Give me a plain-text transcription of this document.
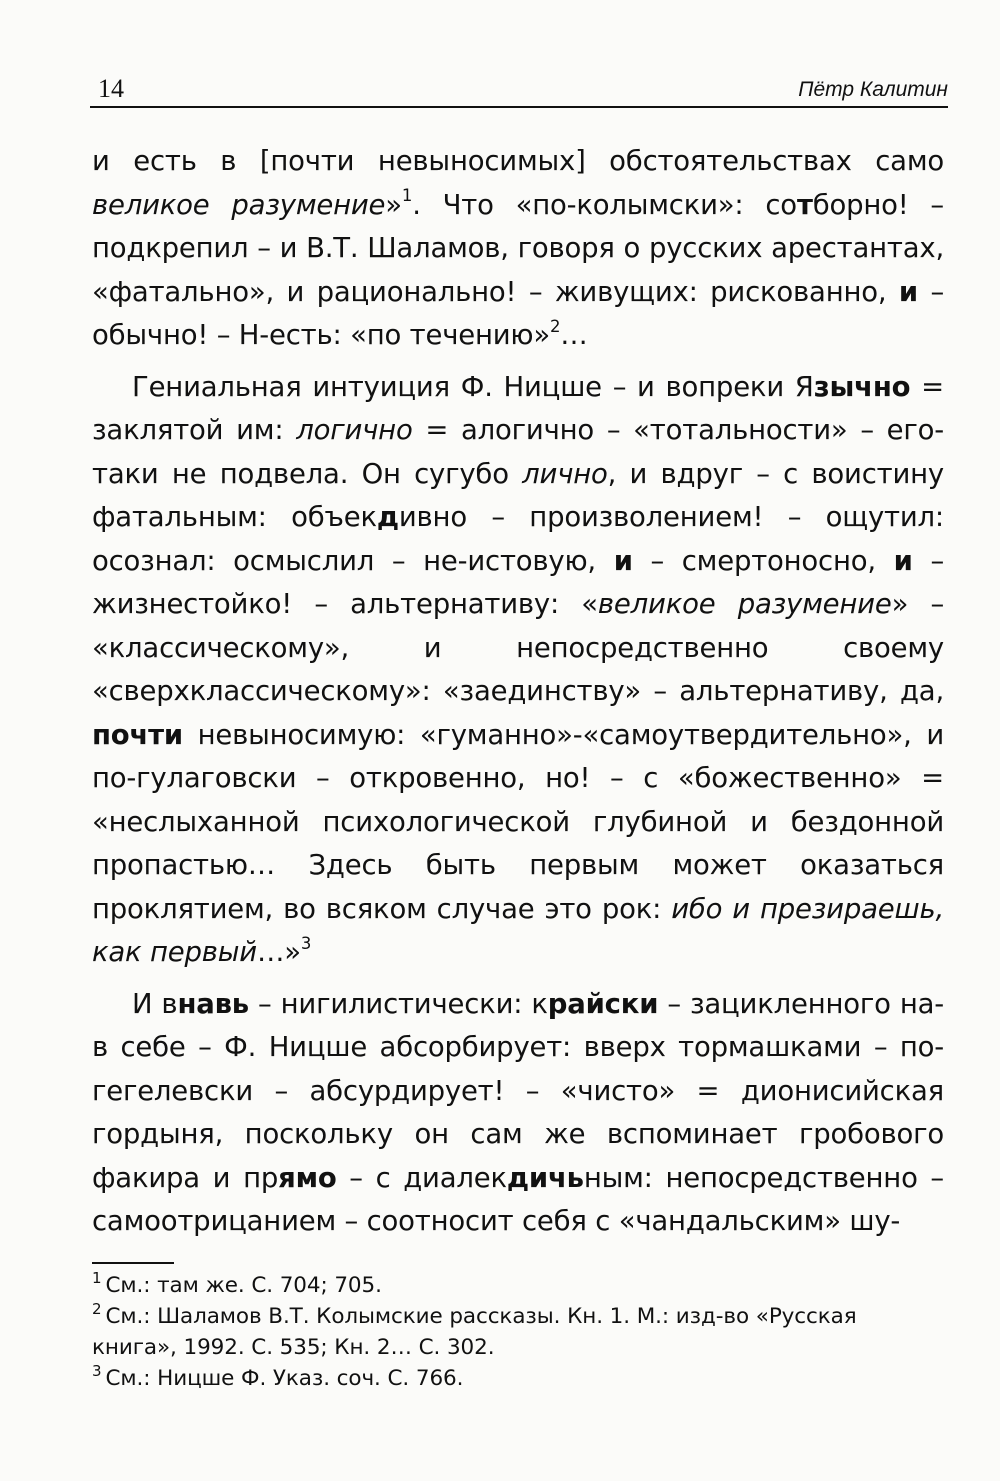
14	Пётр Калитин

и есть в [почти невыносимых] обстоятельствах само великое разумение»$^1$. Что «по-колымски»: сотборно! – подкрепил – и В.Т. Шаламов, говоря о русских арестантах, «фатально», и рационально! – живущих: рискованно, и – обычно! – Н-есть: «по течению»$^2$…

Гениальная интуиция Ф. Ницше – и вопреки Язычно = заклятой им: логично = алогично – «тотальности» – его-таки не подвела. Он сугубо лично, и вдруг – с воистину фатальным: объекдивно – произволением! – ощутил: осознал: осмыслил – не-истовую, и – смертоносно, и – жизнестойко! – альтернативу: «великое разумение» – «классическому», и непосредственно своему «сверхклассическому»: «заединству» – альтернативу, да, почти невыносимую: «гуманно»-«самоутвердительно», и по-гулаговски – откровенно, но! – с «божественно» = «неслыханной психологической глубиной и бездонной пропастью… Здесь быть первым может оказаться проклятием, во всяком случае это рок: ибо и презираешь, как первый…»$^3$

И внавь – нигилистически: крайски – зацикленного на-в себе – Ф. Ницше абсорбирует: вверх тормашками – по-гегелевски – абсурдирует! – «чисто» = дионисийская гордыня, поскольку он сам же вспоминает гробового факира и прямо – с диалекдичьным: непосредственно – самоотрицанием – соотносит себя с «чандальским» шу-

$^1$ См.: там же. С. 704; 705.

$^2$ См.: Шаламов В.Т. Колымские рассказы. Кн. 1. М.: изд-во «Русская книга», 1992. С. 535; Кн. 2… С. 302.

$^3$ См.: Ницше Ф. Указ. соч. С. 766.
